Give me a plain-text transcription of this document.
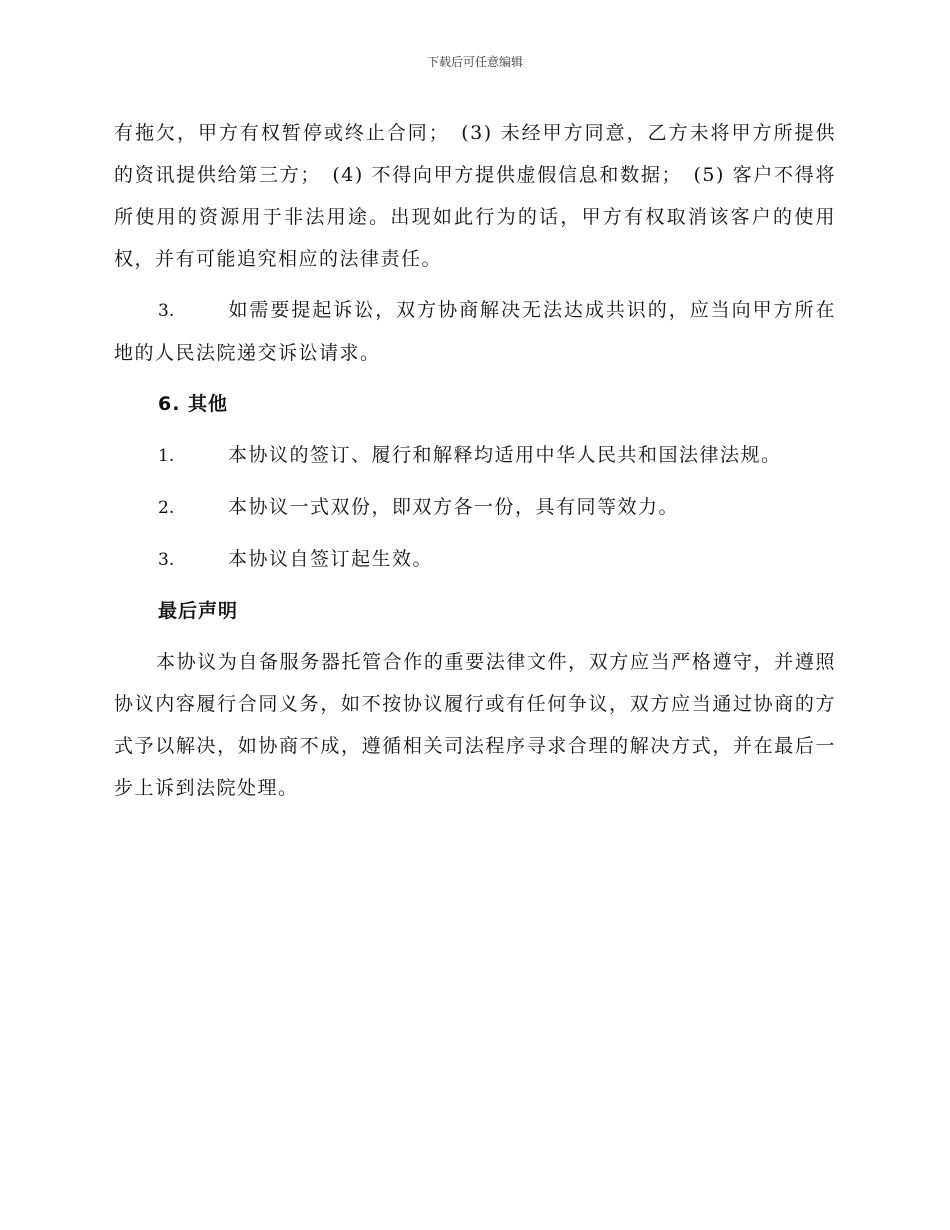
下载后可任意编辑

有拖欠，甲方有权暂停或终止合同；　(3) 未经甲方同意，乙方未将甲方所提供的资讯提供给第三方；　(4) 不得向甲方提供虚假信息和数据；　(5) 客户不得将所使用的资源用于非法用途。出现如此行为的话，甲方有权取消该客户的使用权，并有可能追究相应的法律责任。

3.	如需要提起诉讼，双方协商解决无法达成共识的，应当向甲方所在地的人民法院递交诉讼请求。

6. 其他

1.	本协议的签订、履行和解释均适用中华人民共和国法律法规。

2.	本协议一式双份，即双方各一份，具有同等效力。

3.	本协议自签订起生效。

最后声明

本协议为自备服务器托管合作的重要法律文件，双方应当严格遵守，并遵照协议内容履行合同义务，如不按协议履行或有任何争议，双方应当通过协商的方式予以解决，如协商不成，遵循相关司法程序寻求合理的解决方式，并在最后一步上诉到法院处理。
